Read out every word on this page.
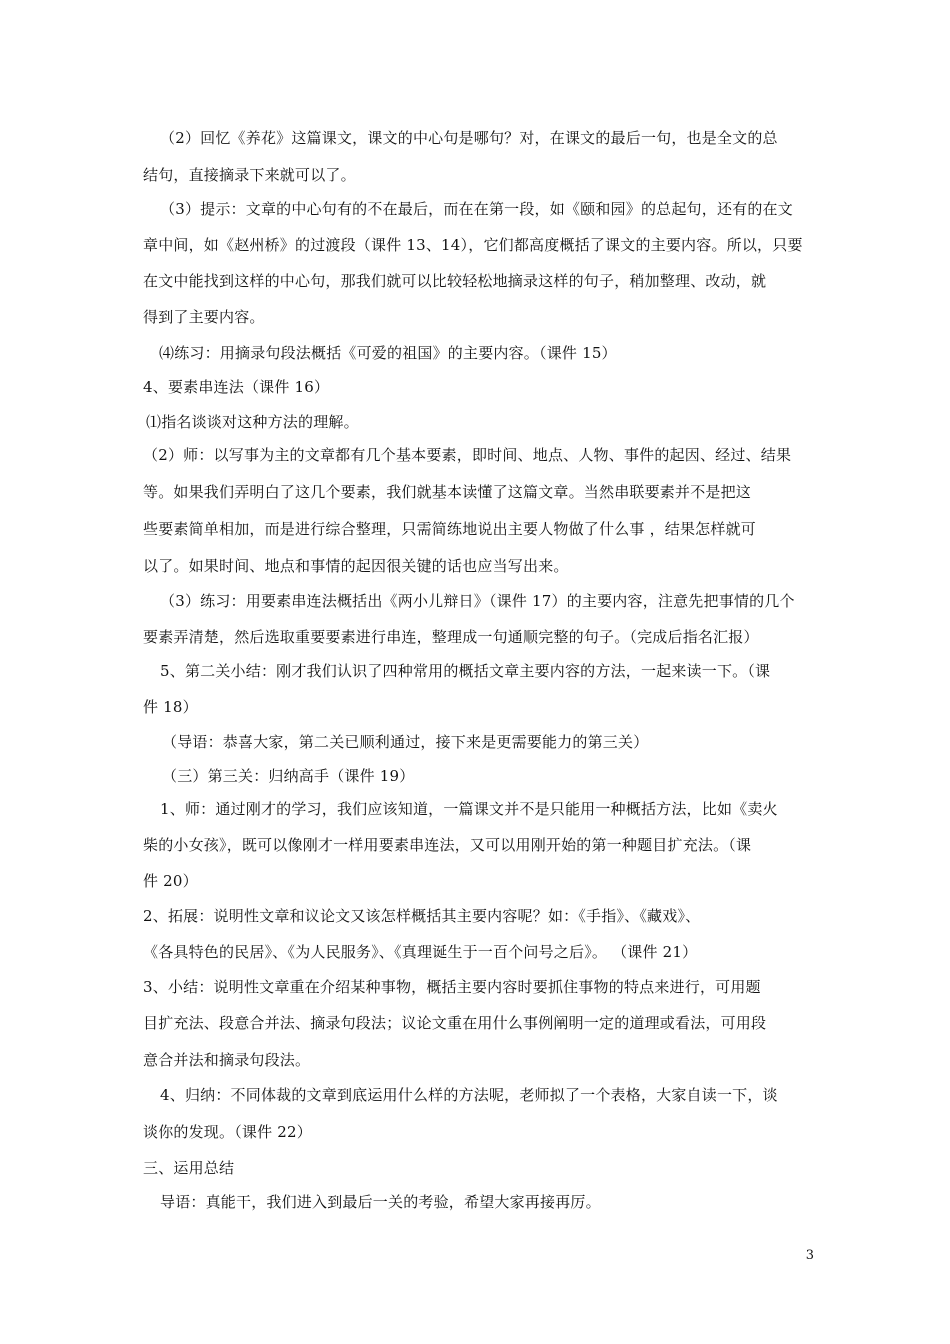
（2）回忆《养花》这篇课文，课文的中心句是哪句？对，在课文的最后一句，也是全文的总
结句，直接摘录下来就可以了。
（3）提示：文章的中心句有的不在最后，而在在第一段，如《颐和园》的总起句，还有的在文
章中间，如《赵州桥》的过渡段（课件 13、14），它们都高度概括了课文的主要内容。所以，只要
在文中能找到这样的中心句，那我们就可以比较轻松地摘录这样的句子，稍加整理、改动，就
得到了主要内容。
⑷练习：用摘录句段法概括《可爱的祖国》的主要内容。（课件 15）
4、要素串连法（课件 16）
⑴指名谈谈对这种方法的理解。
（2）师：以写事为主的文章都有几个基本要素，即时间、地点、人物、事件的起因、经过、结果
等。如果我们弄明白了这几个要素，我们就基本读懂了这篇文章。当然串联要素并不是把这
些要素简单相加，而是进行综合整理，只需简练地说出主要人物做了什么事 ，结果怎样就可
以了。如果时间、地点和事情的起因很关键的话也应当写出来。
（3）练习：用要素串连法概括出《两小儿辩日》（课件 17）的主要内容，注意先把事情的几个
要素弄清楚，然后选取重要要素进行串连，整理成一句通顺完整的句子。（完成后指名汇报）
5、第二关小结：刚才我们认识了四种常用的概括文章主要内容的方法，一起来读一下。（课
件 18）
（导语：恭喜大家，第二关已顺利通过，接下来是更需要能力的第三关）
（三）第三关：归纳高手（课件 19）
1、师：通过刚才的学习，我们应该知道，一篇课文并不是只能用一种概括方法，比如《卖火
柴的小女孩》，既可以像刚才一样用要素串连法，又可以用刚开始的第一种题目扩充法。（课
件 20）
2、拓展：说明性文章和议论文又该怎样概括其主要内容呢？如：《手指》、《藏戏》、
《各具特色的民居》、《为人民服务》、《真理诞生于一百个问号之后》。 （课件 21）
3、小结：说明性文章重在介绍某种事物，概括主要内容时要抓住事物的特点来进行，可用题
目扩充法、段意合并法、摘录句段法；议论文重在用什么事例阐明一定的道理或看法，可用段
意合并法和摘录句段法。
4、归纳：不同体裁的文章到底运用什么样的方法呢，老师拟了一个表格，大家自读一下，谈
谈你的发现。（课件 22）
三、运用总结
导语：真能干，我们进入到最后一关的考验，希望大家再接再厉。
3
